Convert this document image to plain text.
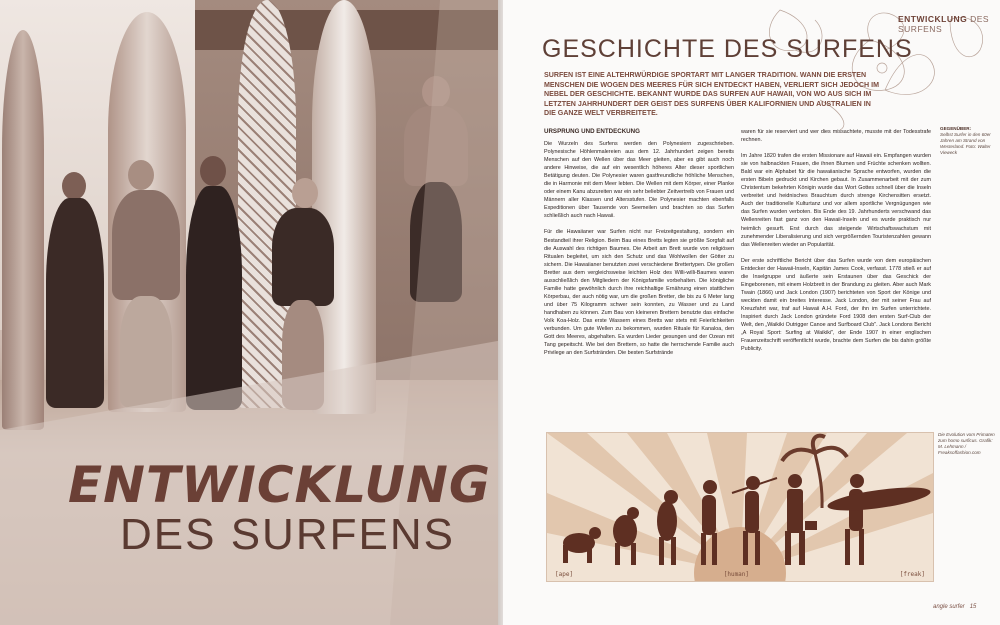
ENTWICKLUNG
DES SURFENS
ENTWICKLUNG DES SURFENS
GESCHICHTE DES SURFENS
SURFEN IST EINE ALTEHRWÜRDIGE SPORTART MIT LANGER TRADITION. WANN DIE ERSTEN MENSCHEN DIE WOGEN DES MEERES FÜR SICH ENTDECKT HABEN, VERLIERT SICH JEDOCH IM NEBEL DER GESCHICHTE. BEKANNT WURDE DAS SURFEN AUF HAWAII, VON WO AUS SICH IM LETZTEN JAHRHUNDERT DER GEIST DES SURFENS ÜBER KALIFORNIEN UND AUSTRALIEN IN DIE GANZE WELT VERBREITETE.
URSPRUNG UND ENTDECKUNG

Die Wurzeln des Surfens werden den Polynesiern zugeschrieben. Polynesische Höhlenmalereien aus dem 12. Jahrhundert zeigen bereits Menschen auf den Wellen über das Meer gleiten, aber es gibt auch noch andere Hinweise, die auf ein wesentlich höheres Alter dieser sportlichen Betätigung deuten. Die Polynesier waren gastfreundliche fröhliche Menschen, die in Harmonie mit dem Meer lebten. Die Wellen mit dem Körper, einer Planke oder einem Kanu abzureiten war ein sehr beliebter Zeitvertreib von Frauen und Männern aller Klassen und Altersstufen. Die Polynesier machten ebenfalls Expeditionen über Tausende von Seemeilen und brachten so das Surfen schließlich auch nach Hawaii.

Für die Hawaiianer war Surfen nicht nur Freizeitgestaltung, sondern ein Bestandteil ihrer Religion. Beim Bau eines Bretts legten sie größte Sorgfalt auf die Auswahl des richtigen Baumes. Die Arbeit am Brett wurde von religiösen Ritualen begleitet, um sich den Schutz und das Wohlwollen der Götter zu sichern. Die Hawaiianer benutzten zwei verschiedene Brettertypen. Die großen Bretter aus dem vergleichsweise leichten Holz des Willi-willi-Baumes waren ausschließlich den Mitgliedern der Königsfamilie vorbehalten. Die königliche Familie hatte gewöhnlich durch ihre reichhaltige Ernährung einen stattlichen Körperbau, der auch nötig war, um die großen Bretter, die bis zu 6 Meter lang und über 75 Kilogramm schwer sein konnten, zu Wasser und zu Land handhaben zu können. Zum Bau von kleineren Brettern benutzte das einfache Volk Koa-Holz. Das erste Wassern eines Bretts war stets mit Feierlichkeiten verbunden. Um gute Wellen zu bekommen, wurden Rituale für Kanaloa, den Gott des Meeres, abgehalten. Es wurden Lieder gesungen und der Ozean mit Tang gepeitscht. Wie bei den Brettern, so hatte die herrschende Familie auch Privilege an den Surfstränden. Die besten Surfstrände

waren für sie reserviert und wer dies missachtete, musste mit der Todesstrafe rechnen.

Im Jahre 1820 trafen die ersten Missionare auf Hawaii ein. Empfangen wurden sie von halbnackten Frauen, die ihnen Blumen und Früchte schenken wollten. Bald war ein Alphabet für die hawaiianische Sprache entworfen, wurden die ersten Bibeln gedruckt und Kirchen gebaut. In Zusammenarbeit mit der zum Christentum bekehrten Königin wurde das Wort Gottes schnell über die Inseln verbreitet und heidnisches Brauchtum durch strenge Kirchensitten ersetzt. Auch der traditionelle Kulturtanz und vor allem sportliche Vergnügungen wie das Surfen wurden verboten. Bis Ende des 19. Jahrhunderts verschwand das Wellenreiten fast ganz von den Hawaii-Inseln und es wurde praktisch nur heimlich gesurft. Erst durch das steigende Wirtschaftswachstum mit zunehmender Liberalisierung und sich vergrößernden Touristenzahlen gewann das Wellenreiten wieder an Popularität.

Der erste schriftliche Bericht über das Surfen wurde von dem europäischen Entdecker der Hawaii-Inseln, Kapitän James Cook, verfasst. 1778 stieß er auf die Inselgruppe und äußerte sein Erstaunen über das Geschick der Eingeborenen, mit einem Holzbrett in der Brandung zu gleiten. Aber auch Mark Twain (1866) und Jack London (1907) berichteten von Sport der Könige und weckten damit ein breites Interesse. Jack London, der mit seiner Frau auf Kreuzfahrt war, traf auf Hawaii A.H. Ford, der ihn im Surfen unterrichtete. Inspiriert durch Jack London gründete Ford 1908 den ersten Surf-Club der Welt, den „Waikiki Outrigger Canoe and Surfboard Club". Jack Londons Bericht „A Royal Sport: Surfing at Waikiki", der Ende 1907 in einer englischen Frauenzeitschrift veröffentlicht wurde, brachte dem Surfen die bis dahin größte Publicity.

GEGENÜBER:
Selbst Surfer in den 60er Jahren am Strand von Westerland. Foto: Walter Vieweck
Die Evolution vom Primaten zum homo surficus. Grafik: M. Lehmann / Freaksoffashion.com
[ape]	[human]	[freak]
angle surfer 15
